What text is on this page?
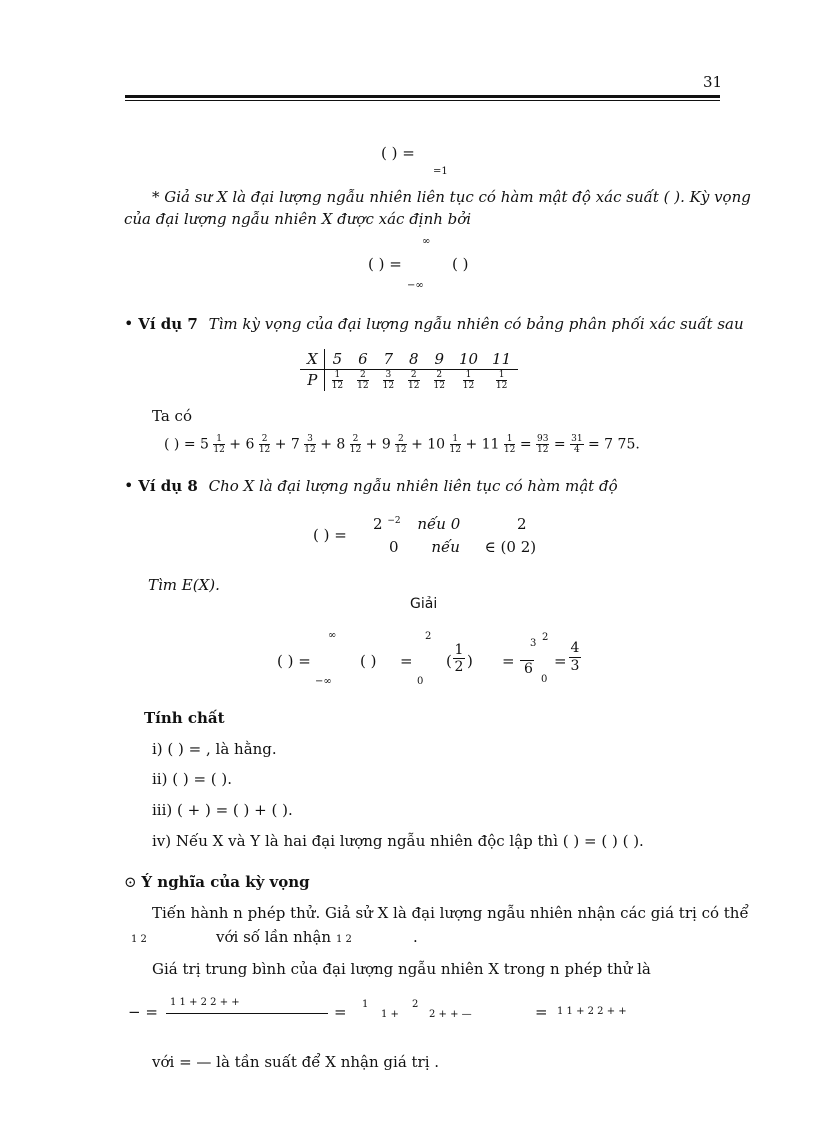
31
( ) =
=1
* Giả sư X là đại lượng ngẫu nhiên liên tục có hàm mật độ xác suất ( ). Kỳ vọng
của đại lượng ngẫu nhiên X được xác định bởi
∞
( ) =	( )
−∞
• Ví dụ 7 Tìm kỳ vọng của đại lượng ngẫu nhiên có bảng phân phối xác suất sau
X	5	6	7	8	9	10	11
P	$\frac{1}{12}$	$\frac{2}{12}$	$\frac{3}{12}$	$\frac{2}{12}$	$\frac{2}{12}$	$\frac{1}{12}$	$\frac{1}{12}$
Ta có
( ) = $5 \frac{1}{12} + 6 \frac{2}{12} + 7 \frac{3}{12} + 8 \frac{2}{12} + 9 \frac{2}{12} + 10 \frac{1}{12} + 11 \frac{1}{12} = \frac{93}{12} = \frac{31}{4} = 7$ 75.
• Ví dụ 8 Cho X là đại lượng ngẫu nhiên liên tục có hàm mật độ
( ) =
2 $^{-2}$ nếu 0	2
0 nếu ∈ (0 2)
Tìm E(X).
Giải
∞
−∞
( ) =	( ) =
2
0
(
1
2 ) =
3
2
6
0
=
4
3
Tính chất
i) ( ) = , là hằng.
ii) ( ) = ( ).
iii) ( + ) = ( ) + ( ).
iv) Nếu X và Y là hai đại lượng ngẫu nhiên độc lập thì ( ) = ( ) ( ).
⊙ Ý nghĩa của kỳ vọng
Tiến hành n phép thử. Giả sử X là đại lượng ngẫu nhiên nhận các giá trị có thể
1 2	với số lần nhận 1 2	.
Giá trị trung bình của đại lượng ngẫu nhiên X trong n phép thử là
− =
1 1 + 2 2 + +
= 1
1 +
2
2 + + —	= 1 1 + 2 2 + +
với = — là tần suất để X nhận giá trị .
